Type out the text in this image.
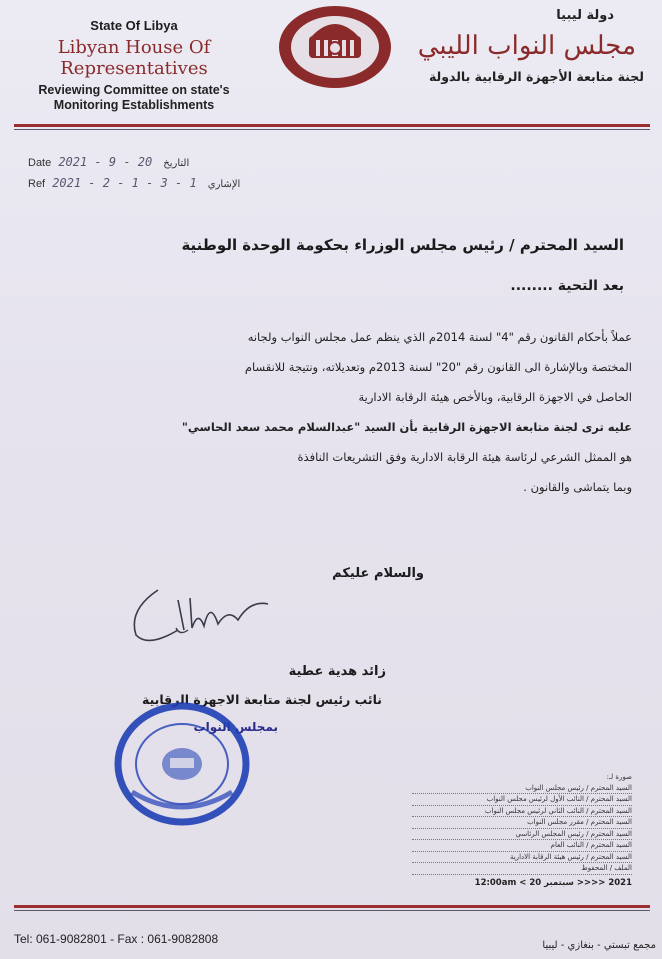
State Of Libya
Libyan House Of
Representatives
Reviewing Committee on state's
Monitoring Establishments
دولة ليبيا
مجلس النواب الليبي
لجنة متابعة الأجهزة الرقابية بالدولة
Date 2021 - 9 - 20 التاريخ
Ref 2021 - 2 - 1 - 3 - 1 الإشاري
السيد المحترم / رئيس مجلس الوزراء بحكومة الوحدة الوطنية
بعد التحية ........
عملاً بأحكام القانون رقم "4" لسنة 2014م الذي ينظم عمل مجلس النواب ولجانه
المختصة وبالإشارة الى القانون رقم "20" لسنة 2013م وتعديلاته، ونتيجة للانقسام
الحاصل في الاجهزة الرقابية، وبالأخص هيئة الرقابة الادارية
عليه ترى لجنة متابعة الاجهزة الرقابية بأن السيد "عبدالسلام محمد سعد الحاسي"
هو الممثل الشرعي لرئاسة هيئة الرقابة الادارية وفق التشريعات النافذة
وبما يتماشى والقانون .
والسلام عليكم
زائد هدية عطية
نائب رئيس لجنة متابعة الاجهزة الرقابية
بمجلس النواب
صورة لـ:
السيد المحترم / رئيس مجلس النواب
السيد المحترم / النائب الأول لرئيس مجلس النواب
السيد المحترم / النائب الثاني لرئيس مجلس النواب
السيد المحترم / مقرر مجلس النواب
السيد المحترم / رئيس المجلس الرئاسي
السيد المحترم / النائب العام
السيد المحترم / رئيس هيئة الرقابة الادارية
الملف / المحفوظ
2021 <<<< سبتمبر 20 > 12:00am
Tel: 061-9082801 - Fax : 061-9082808	مجمع تبستي - بنغازي - ليبيا
